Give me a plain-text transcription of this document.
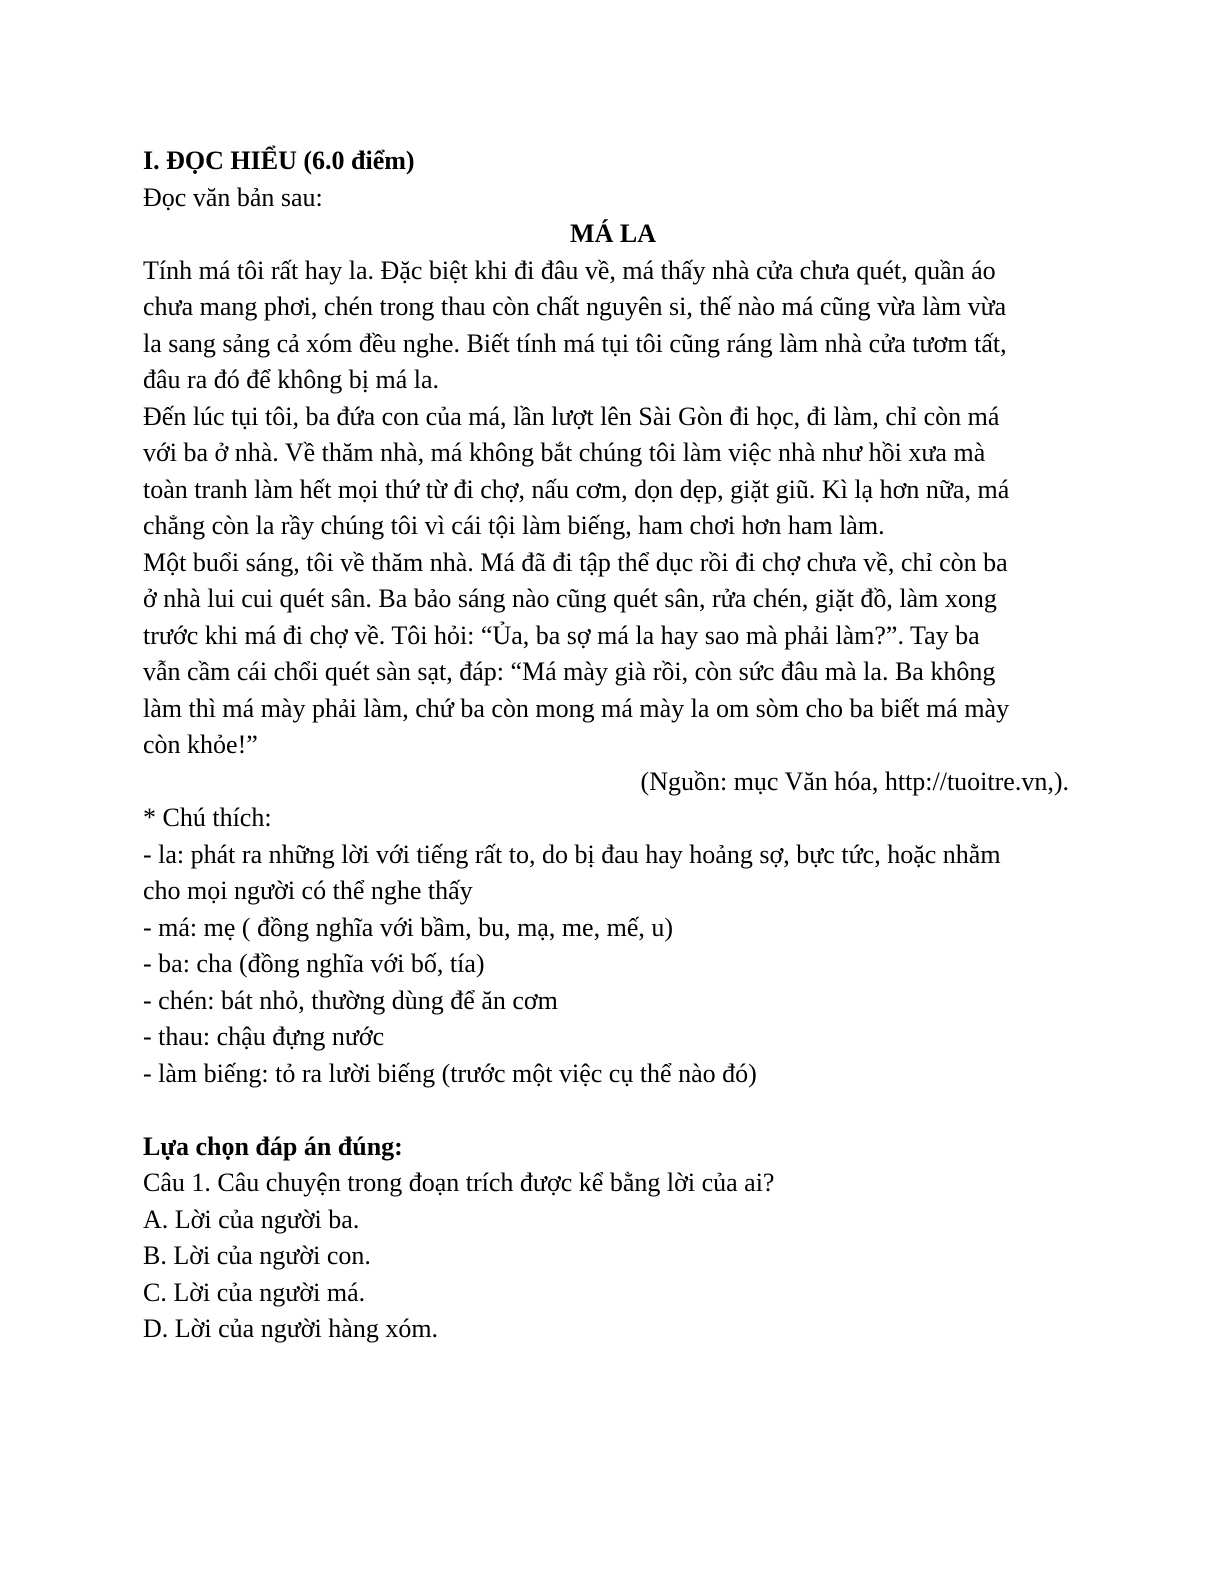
I. ĐỌC HIỂU (6.0 điểm)
Đọc văn bản sau:
MÁ LA
Tính má tôi rất hay la. Đặc biệt khi đi đâu về, má thấy nhà cửa chưa quét, quần áo
chưa mang phơi, chén trong thau còn chất nguyên si, thế nào má cũng vừa làm vừa
la sang sảng cả xóm đều nghe. Biết tính má tụi tôi cũng ráng làm nhà cửa tươm tất,
đâu ra đó để không bị má la.
Đến lúc tụi tôi, ba đứa con của má, lần lượt lên Sài Gòn đi học, đi làm, chỉ còn má
với ba ở nhà. Về thăm nhà, má không bắt chúng tôi làm việc nhà như hồi xưa mà
toàn tranh làm hết mọi thứ từ đi chợ, nấu cơm, dọn dẹp, giặt giũ. Kì lạ hơn nữa, má
chẳng còn la rầy chúng tôi vì cái tội làm biếng, ham chơi hơn ham làm.
Một buổi sáng, tôi về thăm nhà. Má đã đi tập thể dục rồi đi chợ chưa về, chỉ còn ba
ở nhà lui cui quét sân. Ba bảo sáng nào cũng quét sân, rửa chén, giặt đồ, làm xong
trước khi má đi chợ về. Tôi hỏi: “Ủa, ba sợ má la hay sao mà phải làm?”. Tay ba
vẫn cầm cái chổi quét sàn sạt, đáp: “Má mày già rồi, còn sức đâu mà la. Ba không
làm thì má mày phải làm, chứ ba còn mong má mày la om sòm cho ba biết má mày
còn khỏe!”
(Nguồn: mục Văn hóa, http://tuoitre.vn,).
* Chú thích:
- la: phát ra những lời với tiếng rất to, do bị đau hay hoảng sợ, bực tức, hoặc nhằm
cho mọi người có thể nghe thấy
- má: mẹ ( đồng nghĩa với bầm, bu, mạ, me, mế, u)
- ba: cha (đồng nghĩa với bố, tía)
- chén: bát nhỏ, thường dùng để ăn cơm
- thau: chậu đựng nước
- làm biếng: tỏ ra lười biếng (trước một việc cụ thể nào đó)
Lựa chọn đáp án đúng:
Câu 1. Câu chuyện trong đoạn trích được kể bằng lời của ai?
A. Lời của người ba.
B. Lời của người con.
C. Lời của người má.
D. Lời của người hàng xóm.
